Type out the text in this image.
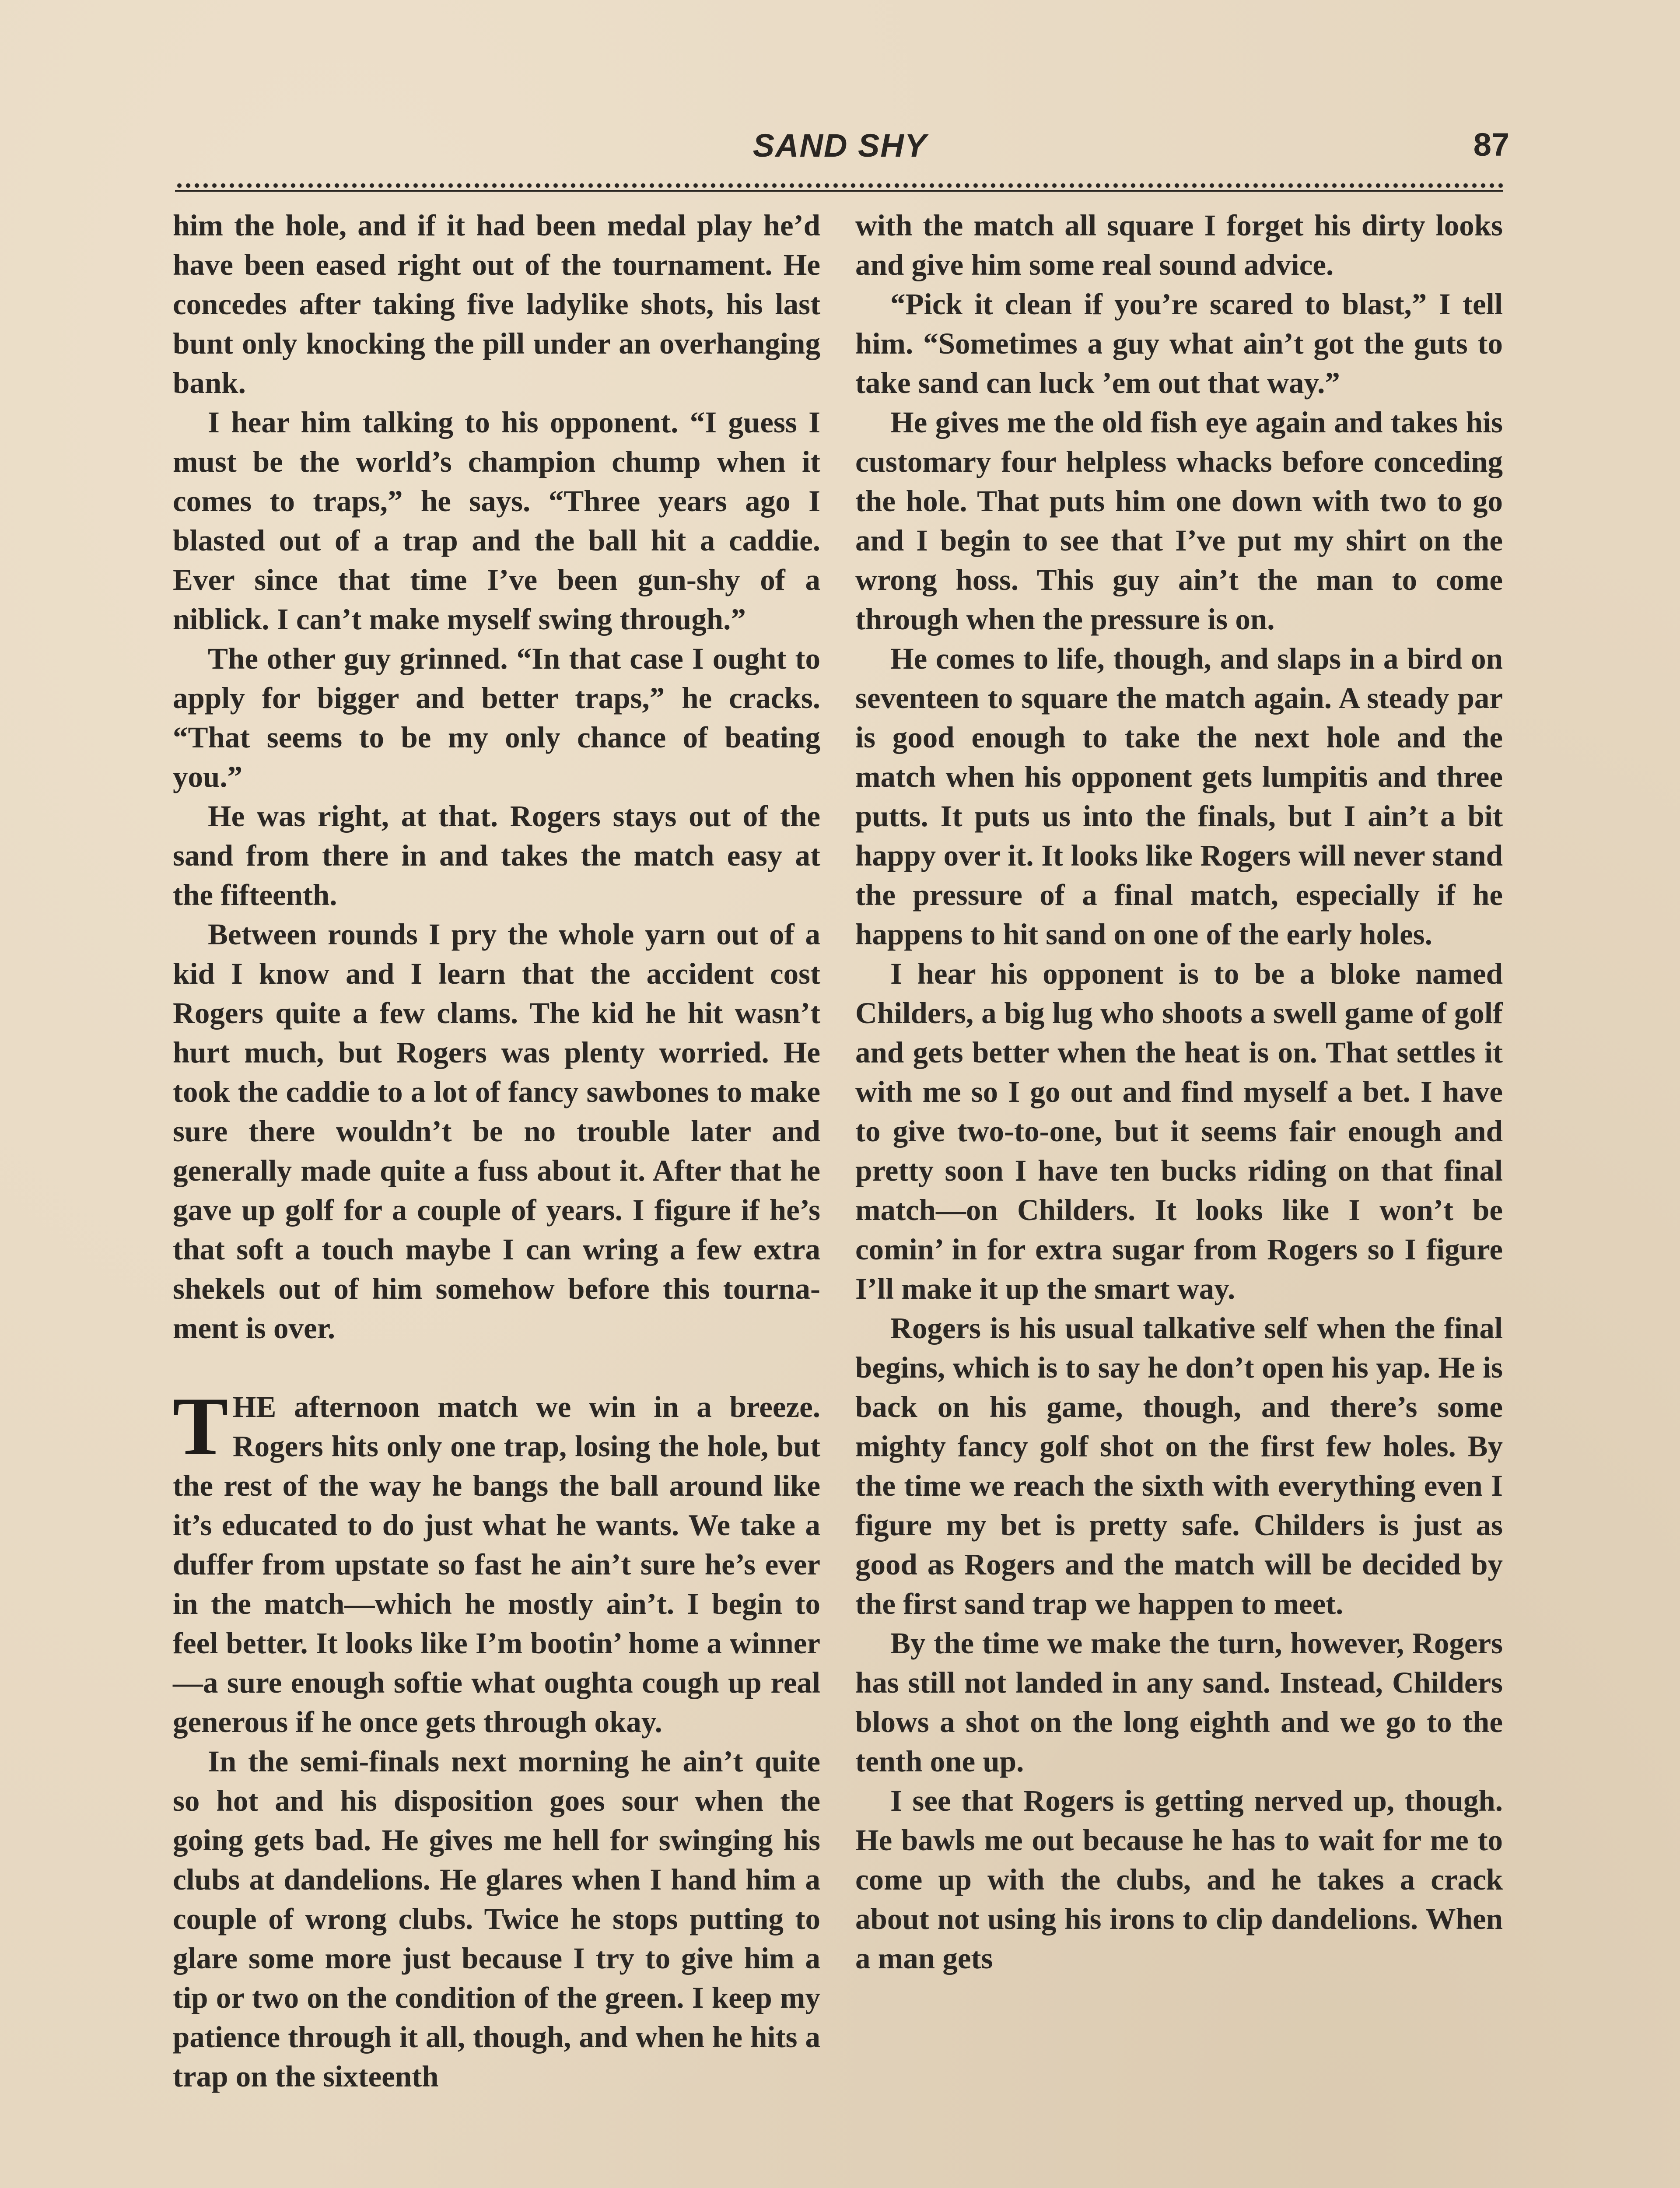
SAND SHY	87

him the hole, and if it had been medal play he’d have been eased right out of the tournament. He concedes after taking five ladylike shots, his last bunt only knocking the pill under an overhanging bank.

I hear him talking to his opponent. “I guess I must be the world’s champion chump when it comes to traps,” he says. “Three years ago I blasted out of a trap and the ball hit a caddie. Ever since that time I’ve been gun-shy of a niblick. I can’t make myself swing through.”

The other guy grinned. “In that case I ought to apply for bigger and better traps,” he cracks. “That seems to be my only chance of beating you.”

He was right, at that. Rogers stays out of the sand from there in and takes the match easy at the fifteenth.

Between rounds I pry the whole yarn out of a kid I know and I learn that the accident cost Rogers quite a few clams. The kid he hit wasn’t hurt much, but Rogers was plenty worried. He took the caddie to a lot of fancy sawbones to make sure there wouldn’t be no trouble later and generally made quite a fuss about it. After that he gave up golf for a couple of years. I figure if he’s that soft a touch maybe I can wring a few extra shekels out of him somehow before this tournament is over.

THE afternoon match we win in a breeze. Rogers hits only one trap, losing the hole, but the rest of the way he bangs the ball around like it’s educated to do just what he wants. We take a duffer from upstate so fast he ain’t sure he’s ever in the match—which he mostly ain’t. I begin to feel better. It looks like I’m bootin’ home a winner—a sure enough softie what oughta cough up real generous if he once gets through okay.

In the semi-finals next morning he ain’t quite so hot and his disposition goes sour when the going gets bad. He gives me hell for swinging his clubs at dandelions. He glares when I hand him a couple of wrong clubs. Twice he stops putting to glare some more just because I try to give him a tip or two on the condition of the green. I keep my patience through it all, though, and when he hits a trap on the sixteenth

with the match all square I forget his dirty looks and give him some real sound advice.

“Pick it clean if you’re scared to blast,” I tell him. “Sometimes a guy what ain’t got the guts to take sand can luck ’em out that way.”

He gives me the old fish eye again and takes his customary four helpless whacks before conceding the hole. That puts him one down with two to go and I begin to see that I’ve put my shirt on the wrong hoss. This guy ain’t the man to come through when the pressure is on.

He comes to life, though, and slaps in a bird on seventeen to square the match again. A steady par is good enough to take the next hole and the match when his opponent gets lumpitis and three putts. It puts us into the finals, but I ain’t a bit happy over it. It looks like Rogers will never stand the pressure of a final match, especially if he happens to hit sand on one of the early holes.

I hear his opponent is to be a bloke named Childers, a big lug who shoots a swell game of golf and gets better when the heat is on. That settles it with me so I go out and find myself a bet. I have to give two-to-one, but it seems fair enough and pretty soon I have ten bucks riding on that final match—on Childers. It looks like I won’t be comin’ in for extra sugar from Rogers so I figure I’ll make it up the smart way.

Rogers is his usual talkative self when the final begins, which is to say he don’t open his yap. He is back on his game, though, and there’s some mighty fancy golf shot on the first few holes. By the time we reach the sixth with everything even I figure my bet is pretty safe. Childers is just as good as Rogers and the match will be decided by the first sand trap we happen to meet.

By the time we make the turn, however, Rogers has still not landed in any sand. Instead, Childers blows a shot on the long eighth and we go to the tenth one up.

I see that Rogers is getting nerved up, though. He bawls me out because he has to wait for me to come up with the clubs, and he takes a crack about not using his irons to clip dandelions. When a man gets
